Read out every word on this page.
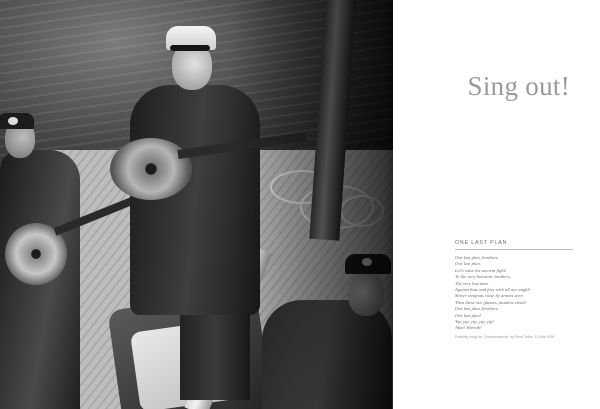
Sing out!
ONE LAST PLAN
One last plan, brothers,
One last plan.
Let's raise the ancient fight!
To the very last man, brothers,
The very last man.
Against hate and fury with all our might!
Shiver weapons raise by armies seen
Then these our glasses, muskets clean!
One last plan, brothers,
One last plan!
Yip, yip, yip, yip, yip!
Ahoi! Hurrah!
Festivity song for "Gressismanna" by Ernst Talbe, 10 Mai 1936
